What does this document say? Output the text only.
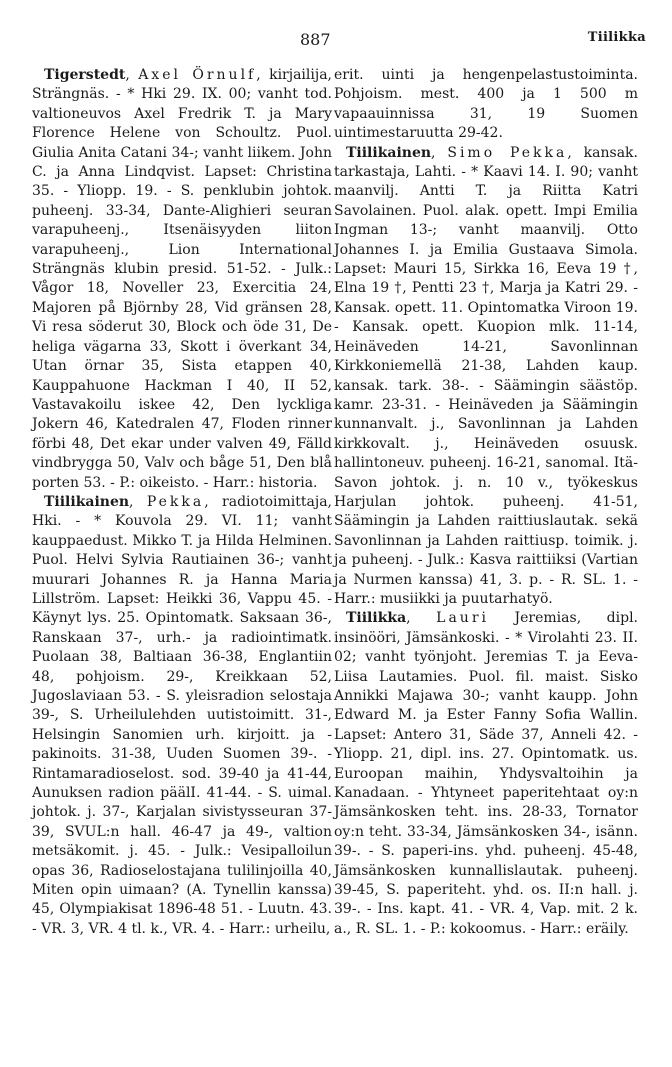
887	Tiilikka

Tigerstedt, Axel Örnulf, kirjailija, Strängnäs. - * Hki 29. IX. 00; vanht tod. valtioneuvos Axel Fredrik T. ja Mary Florence Helene von Schoultz. Puol. Giulia Anita Catani 34-; vanht liikem. John C. ja Anna Lindqvist. Lapset: Christina 35. - Ylioрр. 19. - S. penklubin johtok. puheenj. 33-34, Dante-Alighieri seuran varapuheenj., Itsenäisyyden liiton varapuheenj., Lion International Strängnäs klubin presid. 51-52. - Julk.: Vågor 18, Noveller 23, Exercitia 24, Majoren på Björnby 28, Vid gränsen 28, Vi resa söderut 30, Block och öde 31, De heliga vägarna 33, Skott i överkant 34, Utan örnar 35, Sista etappen 40, Kauppahuone Hackman I 40, II 52, Vastavakoilu iskee 42, Den lyckliga Jokern 46, Katedralen 47, Floden rinner förbi 48, Det ekar under valven 49, Fälld vindbrygga 50, Valv och båge 51, Den blå porten 53. - P.: oikeisto. - Harr.: historia.

Tiilikainen, Pekka, radiotoimittaja, Hki. - * Kouvola 29. VI. 11; vanht kauppaedust. Mikko T. ja Hilda Helminen. Puol. Helvi Sylvia Rautiainen 36-; vanht muurari Johannes R. ja Hanna Maria Lillström. Lapset: Heikki 36, Vappu 45. - Käynyt lys. 25. Opintomatk. Saksaan 36-, Ranskaan 37-, urh.- ja radiointimatk. Puolaan 38, Baltiaan 36-38, Englantiin 48, pohjoism. 29-, Kreikkaan 52, Jugoslaviaan 53. - S. yleisradion selostaja 39-, S. Urheilulehden uutistoimitt. 31-, Helsingin Sanomien urh. kirjoitt. ja -pakinoits. 31-38, Uuden Suomen 39-. - Rintamaradioselost. sod. 39-40 ja 41-44, Aunuksen radion päälI. 41-44. - S. uimal. johtok. j. 37-, Karjalan sivistysseuran 37-39, SVUL:n hall. 46-47 ja 49-, valtion metsäkomit. j. 45. - Julk.: Vesipalloilun opas 36, Radioselostajana tulilinjoilla 40, Miten opin uimaan? (A. Tynellin kanssa) 45, Olympiakisat 1896-48 51. - Luutn. 43. - VR. 3, VR. 4 tl. k., VR. 4. - Harr.: urheilu,

erit. uinti ja hengenpelastustoiminta. Pohjoism. mest. 400 ja 1 500 m vapaauinnissa 31, 19 Suomen uintimestaruutta 29-42.

Tiilikainen, Simo Pekka, kansak. tarkastaja, Lahti. - * Kaavi 14. I. 90; vanht maanvilj. Antti T. ja Riitta Katri Savolainen. Puol. alak. opett. Impi Emilia Ingman 13-; vanht maanvilj. Otto Johannes I. ja Emilia Gustaava Simola. Lapset: Mauri 15, Sirkka 16, Eeva 19 †, Elna 19 †, Pentti 23 †, Marja ja Katri 29. - Kansak. opett. 11. Opintomatka Viroon 19. - Kansak. opett. Kuopion mlk. 11-14, Heinäveden 14-21, Savonlinnan Kirkkoniemellä 21-38, Lahden kaup. kansak. tark. 38-. - Säämingin säästöp. kamr. 23-31. - Heinäveden ja Säämingin kunnanvalt. j., Savonlinnan ja Lahden kirkkovalt. j., Heinäveden osuusk. hallintoneuv. puheenj. 16-21, sanomal. Itä-Savon johtok. j. n. 10 v., työkeskus Harjulan johtok. puheenj. 41-51, Säämingin ja Lahden raittiuslautak. sekä Savonlinnan ja Lahden raittiusp. toimik. j. ja puheenj. - Julk.: Kasva raittiiksi (Vartian ja Nurmen kanssa) 41, 3. p. - R. SL. 1. - Harr.: musiikki ja puutarhatyö.

Tiilikka, Lauri Jeremias, dipl. insinööri, Jämsänkoski. - * Virolahti 23. II. 02; vanht työnjoht. Jeremias T. ja Eeva-Liisa Lautamies. Puol. fil. maist. Sisko Annikki Majawa 30-; vanht kaupp. John Edward M. ja Ester Fanny Sofia Wallin. Lapset: Antero 31, Säde 37, Anneli 42. - Ylioрр. 21, dipl. ins. 27. Opintomatk. us. Euroopan maihin, Yhdysvaltoihin ja Kanadaan. - Yhtyneet paperitehtaat oy:n Jämsänkosken teht. ins. 28-33, Tornator oy:n teht. 33-34, Jämsänkosken 34-, isänn. 39-. - S. paperi-ins. yhd. puheenj. 45-48, Jämsänkosken kunnallislautak. puheenj. 39-45, S. paperiteht. yhd. os. II:n hall. j. 39-. - Ins. kapt. 41. - VR. 4, Vap. mit. 2 k. a., R. SL. 1. - P.: kokoomus. - Harr.: eräily.
